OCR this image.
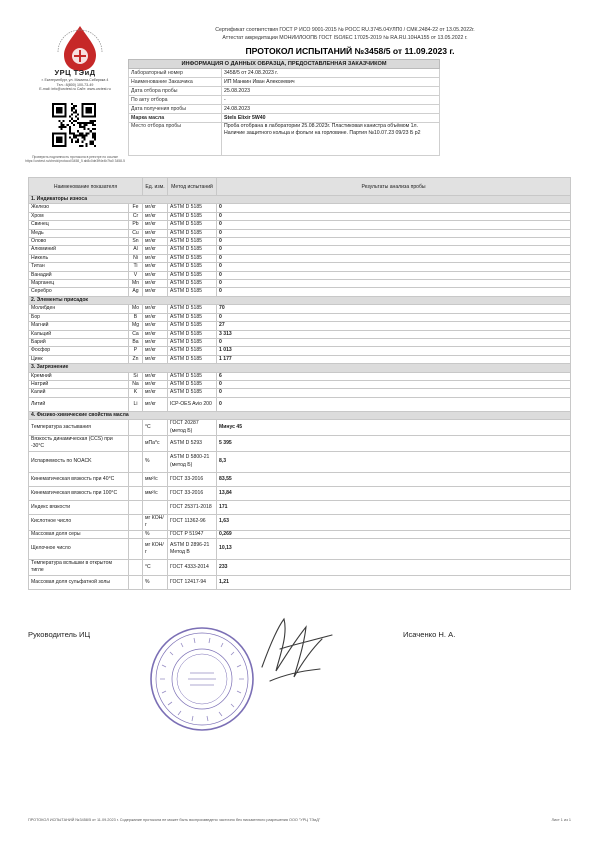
УРЦ ТЭиД
г. Екатеринбург, ул. Мамина-Сибиряка 4
Тел.: 8(800) 100-73-49
E-mail: info@urctest.ru Сайт: www.urctest.ru
Проверить подлинность протокола в реестре по ссылке https://urctest.ru/check/protocol/3458_5 ab8c0de3ff4e4b7fa0 3458-5
Сертификат соответствия ГОСТ Р ИСО 9001-2015 № РОСС RU.3745.04УЛП0 / СМК.2484-22 от 13.05.2022г.
Аттестат аккредитации МОНИИЛООПБ ГОСТ ISO/IEC 17025-2019 № RA.RU.10НА155 от 13.05.2022 г.
ПРОТОКОЛ ИСПЫТАНИЙ №3458/5 от 11.09.2023 г.
ИНФОРМАЦИЯ О ДАННЫХ ОБРАЗЦА, ПРЕДОСТАВЛЕННАЯ ЗАКАЗЧИКОМ	
Лабораторный номер	3458/5 от 24.08.2023 г.
Наименование Заказчика	ИП Манкин Иван Алексеевич
Дата отбора пробы	25.08.2023
По акту отбора	-
Дата получения пробы	24.08.2023
Марка масла	Stels Elixir 5W40
Место отбора пробы	Проба отобрана в лаборатории 25.08.2023г. Пластиковая канистра объёмом 1л. Наличие защитного кольца и фольги на горловине. Партия №10.07.23 09/23 Б р2
Наименование показателя		Ед. изм.	Метод испытаний	Результаты анализа пробы
1. Индикаторы износа				
Железо	Fe	мг/кг	ASTM D 5185	0
Хром	Cr	мг/кг	ASTM D 5185	0
Свинец	Pb	мг/кг	ASTM D 5185	0
Медь	Cu	мг/кг	ASTM D 5185	0
Олово	Sn	мг/кг	ASTM D 5185	0
Алюминий	Al	мг/кг	ASTM D 5185	0
Никель	Ni	мг/кг	ASTM D 5185	0
Титан	Ti	мг/кг	ASTM D 5185	0
Ванадий	V	мг/кг	ASTM D 5185	0
Марганец	Mn	мг/кг	ASTM D 5185	0
Серебро	Ag	мг/кг	ASTM D 5185	0
2. Элементы присадок				
Молибден	Mo	мг/кг	ASTM D 5185	70
Бор	B	мг/кг	ASTM D 5185	0
Магний	Mg	мг/кг	ASTM D 5185	27
Кальций	Ca	мг/кг	ASTM D 5185	3 313
Барий	Ba	мг/кг	ASTM D 5185	0
Фосфор	P	мг/кг	ASTM D 5185	1 013
Цинк	Zn	мг/кг	ASTM D 5185	1 177
3. Загрязнение				
Кремний	Si	мг/кг	ASTM D 5185	6
Натрий	Na	мг/кг	ASTM D 5185	0
Калий	K	мг/кг	ASTM D 5185	0
Литий	Li	мг/кг	ICP-OES Avio 200	0
4. Физико-химические свойства масла				
Температура застывания		°С	ГОСТ 20287 (метод Б)	Минус 45
Вязкость динамическая (CCS) при -30°С		мПа*с	ASTM D 5293	5 395
Испаряемость по NOACK		%	ASTM D 5800-21 (метод Б)	8,3
Кинематическая вязкость при 40°С		мм²/с	ГОСТ 33-2016	83,55
Кинематическая вязкость при 100°С		мм²/с	ГОСТ 33-2016	13,84
Индекс вязкости			ГОСТ 25371-2018	171
Кислотное число		мг КОН/г	ГОСТ 11362-96	1,63
Массовая доля серы		%	ГОСТ Р 51947	0,269
Щелочное число		мг КОН/г	ASTM D 2896-21 Метод В	10,13
Температура вспышки в открытом тигле		°С	ГОСТ 4333-2014	233
Массовая доля сульфатной золы		%	ГОСТ 12417-94	1,21
Руководитель ИЦ	Исаченко Н. А.
ПРОТОКОЛ ИСПЫТАНИЙ №3458/5 от 11.09.2023 г. Содержание протокола не может быть воспроизведено частично без письменного разрешения ООО "УРЦ ТЭиД"	Лист 1 из 1
